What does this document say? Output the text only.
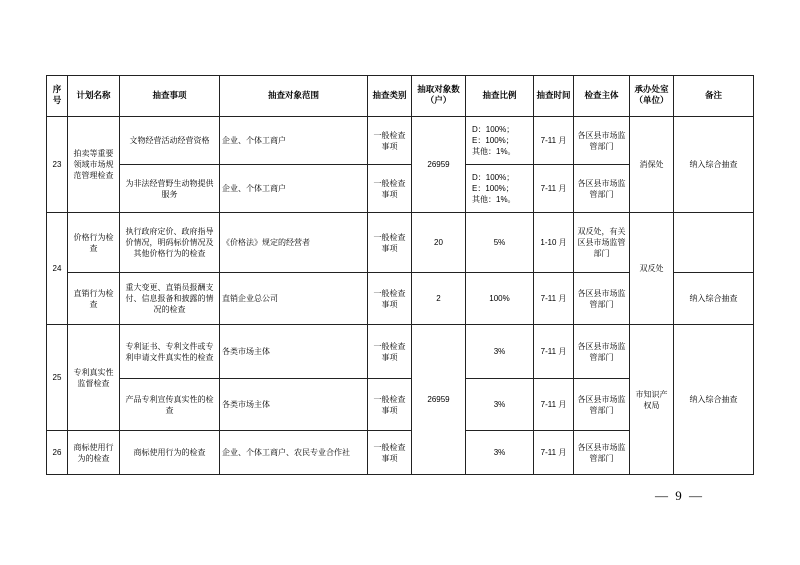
序号	计划名称	抽查事项	抽查对象范围	抽查类别	抽取对象数（户）	抽查比例	抽查时间	检查主体	承办处室（单位）	备注
23	拍卖等重要领域市场规范管理检查	文物经营活动经营资格	企业、个体工商户	一般检查事项	26959	D：100%；
E：100%；
其他：1%。	7-11 月	各区县市场监管部门	消保处	纳入综合抽查
		为非法经营野生动物提供服务	企业、个体工商户	一般检查事项		D：100%；
E：100%；
其他：1%。	7-11 月	各区县市场监管部门		
24	价格行为检查	执行政府定价、政府指导价情况，明码标价情况及其他价格行为的检查	《价格法》规定的经营者	一般检查事项	20	5%	1-10 月	双反处，有关区县市场监管部门	双反处	
	直销行为检查	重大变更、直销员报酬支付、信息报备和披露的情况的检查	直销企业总公司	一般检查事项	2	100%	7-11 月	各区县市场监管部门		纳入综合抽查
25	专利真实性监督检查	专利证书、专利文件或专利申请文件真实性的检查	各类市场主体	一般检查事项	26959	3%	7-11 月	各区县市场监管部门	市知识产权局	纳入综合抽查
		产品专利宣传真实性的检查	各类市场主体	一般检查事项		3%	7-11 月	各区县市场监管部门		
26	商标使用行为的检查	商标使用行为的检查	企业、个体工商户、农民专业合作社	一般检查事项		3%	7-11 月	各区县市场监管部门		
— 9 —
